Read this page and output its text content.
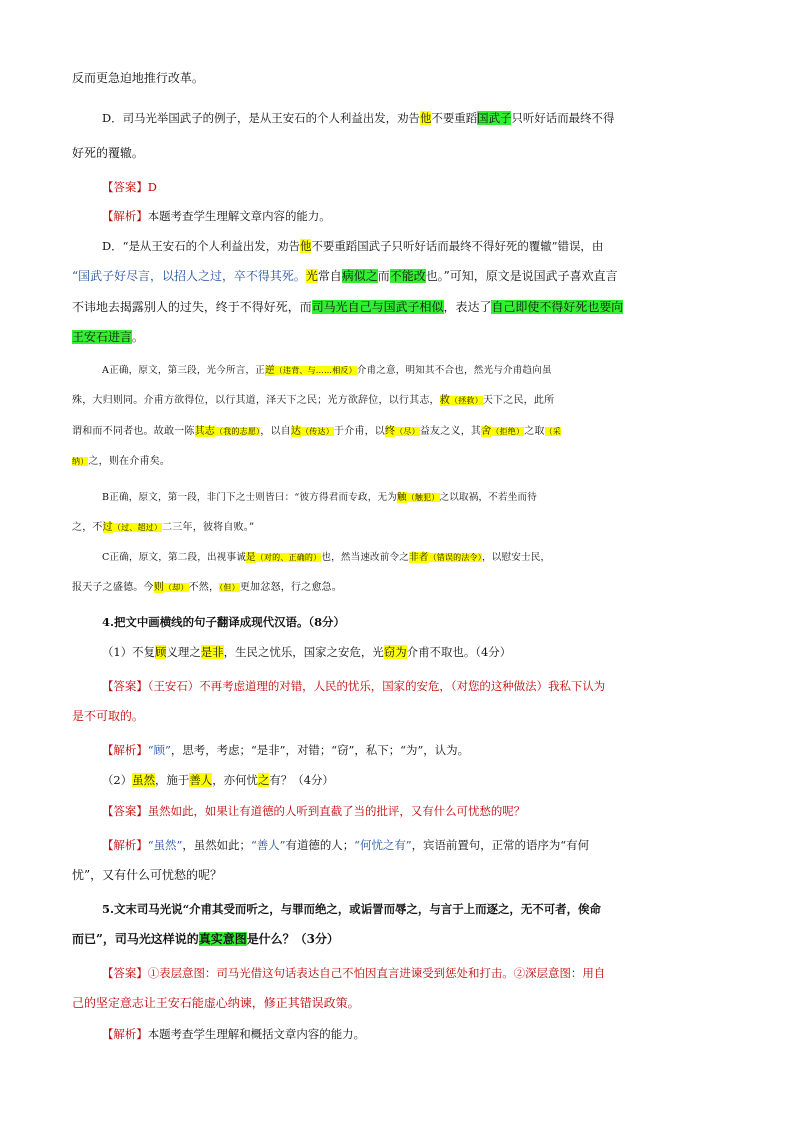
反而更急迫地推行改革。
D．司马光举国武子的例子，是从王安石的个人利益出发，劝告他不要重蹈国武子只听好话而最终不得
好死的覆辙。
【答案】D
【解析】本题考查学生理解文章内容的能力。
D．“是从王安石的个人利益出发，劝告他不要重蹈国武子只听好话而最终不得好死的覆辙”错误，由
“国武子好尽言，以招人之过，卒不得其死。光常自病似之而不能改也。”可知，原文是说国武子喜欢直言
不讳地去揭露别人的过失，终于不得好死，而司马光自己与国武子相似，表达了自己即使不得好死也要向
王安石进言。
A正确，原文，第三段，光今所言，正逆（违背、与……相反）介甫之意，明知其不合也，然光与介甫趋向虽
殊，大归则同。介甫方欲得位，以行其道，泽天下之民；光方欲辞位，以行其志，救（拯救）天下之民，此所
谓和而不同者也。故敢一陈其志（我的志愿），以自达（传达）于介甫，以终（尽）益友之义，其舍（拒绝）之取（采
纳）之，则在介甫矣。
B正确，原文，第一段，非门下之士则皆曰：“彼方得君而专政，无为触（触犯）之以取祸，不若坐而待
之，不过（过、超过）二三年，彼将自败。”
C正确，原文，第二段，出视事诚是（对的、正确的）也，然当速改前令之非者（错误的法令），以慰安士民，
报天子之盛德。今则（却）不然，（但）更加忿怒，行之愈急。
4.把文中画横线的句子翻译成现代汉语。（8分）
（1）不复顾义理之是非，生民之忧乐，国家之安危，光窃为介甫不取也。（4分）
【答案】（王安石）不再考虑道理的对错，人民的忧乐，国家的安危，（对您的这种做法）我私下认为
是不可取的。
【解析】“顾”，思考，考虑；“是非”，对错；“窃”，私下；“为”，认为。
（2）虽然，施于善人，亦何忧之有？（4分）
【答案】虽然如此，如果让有道德的人听到直截了当的批评，又有什么可忧愁的呢？
【解析】“虽然”，虽然如此；“善人”有道德的人；“何忧之有”，宾语前置句，正常的语序为“有何
忧”，又有什么可忧愁的呢？
5.文末司马光说“介甫其受而听之，与罪而绝之，或诟詈而辱之，与言于上而逐之，无不可者，俟命
而已”，司马光这样说的真实意图是什么？（3分）
【答案】①表层意图：司马光借这句话表达自己不怕因直言进谏受到惩处和打击。②深层意图：用自
己的坚定意志让王安石能虚心纳谏，修正其错误政策。
【解析】本题考查学生理解和概括文章内容的能力。
